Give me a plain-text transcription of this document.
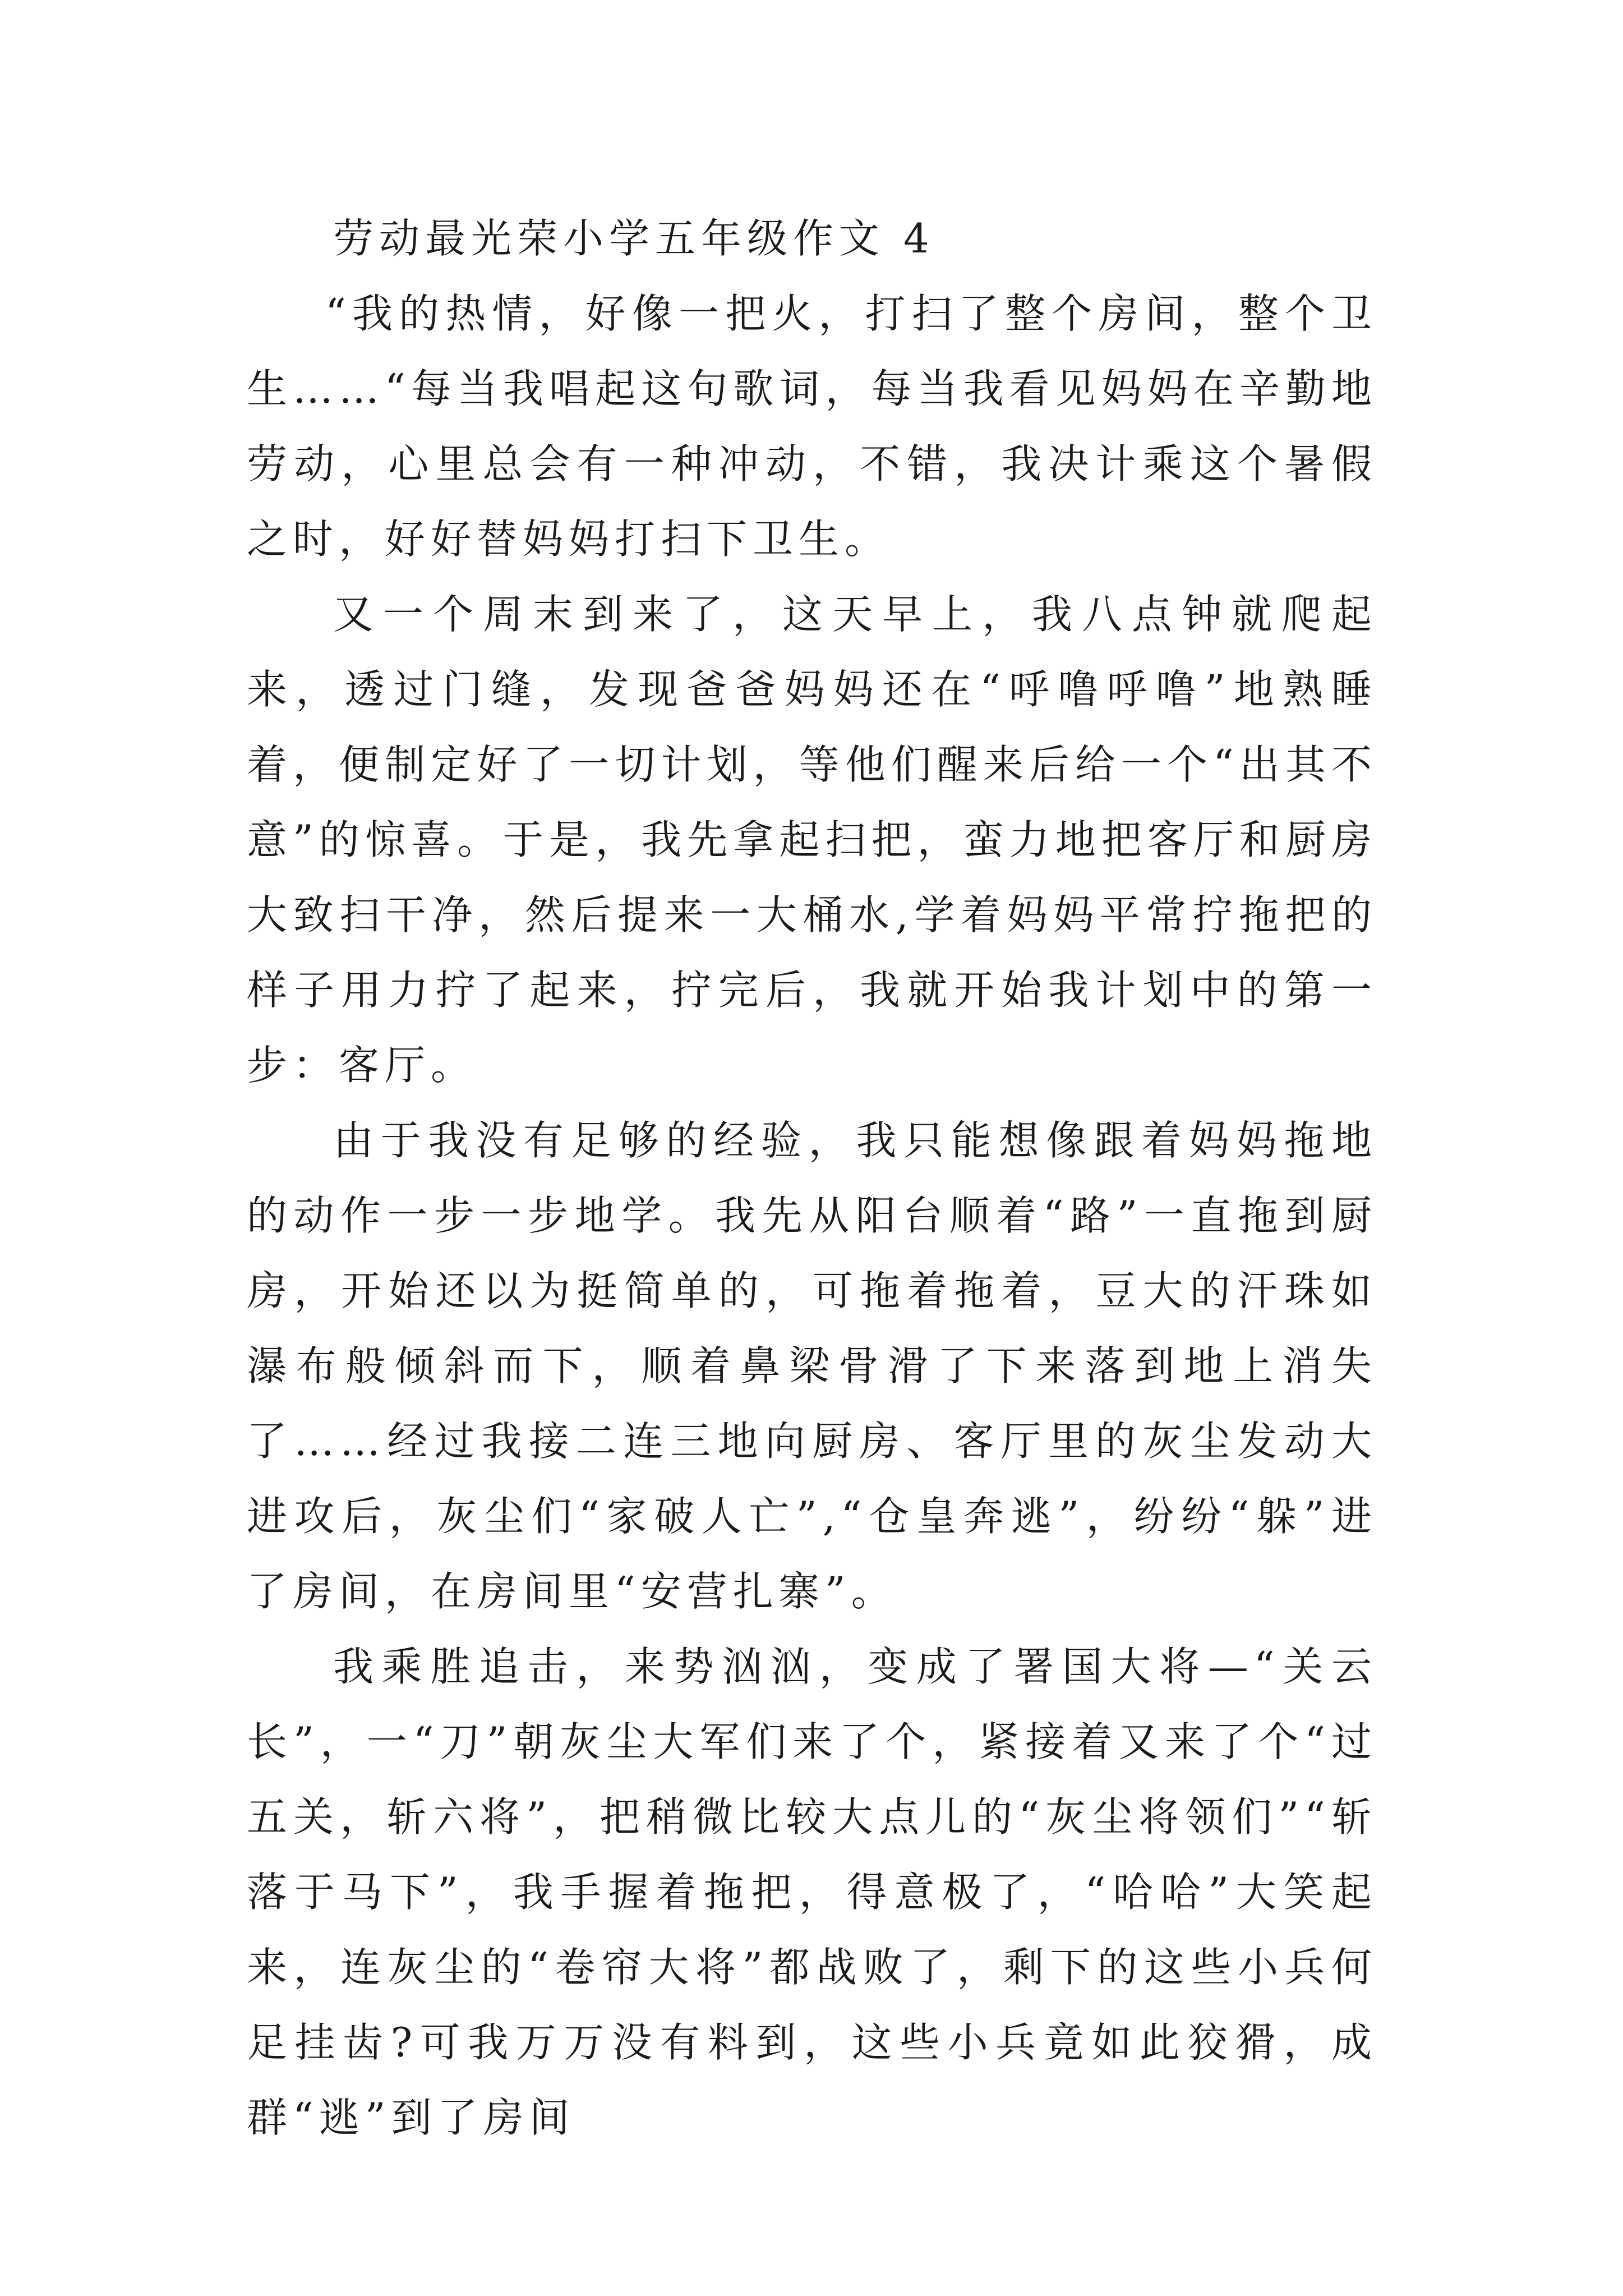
劳动最光荣小学五年级作文 4

“我的热情，好像一把火，打扫了整个房间，整个卫生……“每当我唱起这句歌词，每当我看见妈妈在辛勤地劳动，心里总会有一种冲动，不错，我决计乘这个暑假之时，好好替妈妈打扫下卫生。

又一个周末到来了，这天早上，我八点钟就爬起来，透过门缝，发现爸爸妈妈还在“呼噜呼噜”地熟睡着，便制定好了一切计划，等他们醒来后给一个“出其不意”的惊喜。于是，我先拿起扫把，蛮力地把客厅和厨房大致扫干净，然后提来一大桶水,学着妈妈平常拧拖把的样子用力拧了起来，拧完后，我就开始我计划中的第一步：客厅。

由于我没有足够的经验，我只能想像跟着妈妈拖地的动作一步一步地学。我先从阳台顺着“路”一直拖到厨房，开始还以为挺简单的，可拖着拖着，豆大的汗珠如瀑布般倾斜而下，顺着鼻梁骨滑了下来落到地上消失了……经过我接二连三地向厨房、客厅里的灰尘发动大进攻后，灰尘们“家破人亡”,“仓皇奔逃”，纷纷“躲”进了房间，在房间里“安营扎寨”。

我乘胜追击，来势汹汹，变成了署国大将—“关云长”，一“刀”朝灰尘大军们来了个，紧接着又来了个“过五关，斩六将”，把稍微比较大点儿的“灰尘将领们”“斩落于马下”，我手握着拖把，得意极了，“哈哈”大笑起来，连灰尘的“卷帘大将”都战败了，剩下的这些小兵何足挂齿?可我万万没有料到，这些小兵竟如此狡猾，成群“逃”到了房间
